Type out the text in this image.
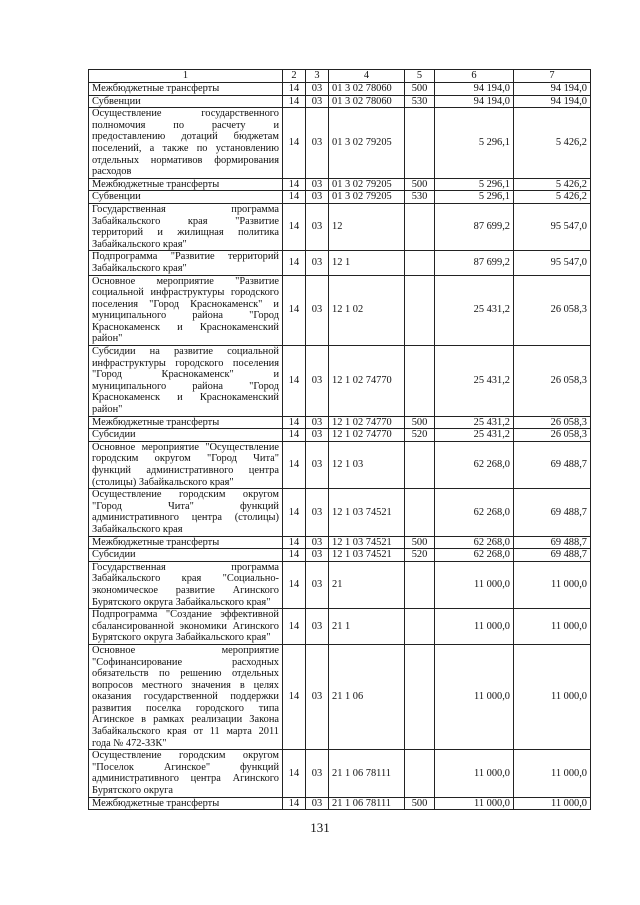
1	2	3	4	5	6	7
Межбюджетные трансферты	14	03	01 3 02 78060	500	94 194,0	94 194,0
Субвенции	14	03	01 3 02 78060	530	94 194,0	94 194,0
Осуществление государственного полномочия по расчету и предоставлению дотаций бюджетам поселений, а также по установлению отдельных нормативов формирования расходов	14	03	01 3 02 79205		5 296,1	5 426,2
Межбюджетные трансферты	14	03	01 3 02 79205	500	5 296,1	5 426,2
Субвенции	14	03	01 3 02 79205	530	5 296,1	5 426,2
Государственная программа Забайкальского края "Развитие территорий и жилищная политика Забайкальского края"	14	03	12		87 699,2	95 547,0
Подпрограмма "Развитие территорий Забайкальского края"	14	03	12 1		87 699,2	95 547,0
Основное мероприятие "Развитие социальной инфраструктуры городского поселения "Город Краснокаменск" и муниципального района "Город Краснокаменск и Краснокаменский район"	14	03	12 1 02		25 431,2	26 058,3
Субсидии на развитие социальной инфраструктуры городского поселения "Город Краснокаменск" и муниципального района "Город Краснокаменск и Краснокаменский район"	14	03	12 1 02 74770		25 431,2	26 058,3
Межбюджетные трансферты	14	03	12 1 02 74770	500	25 431,2	26 058,3
Субсидии	14	03	12 1 02 74770	520	25 431,2	26 058,3
Основное мероприятие "Осуществление городским округом "Город Чита" функций административного центра (столицы) Забайкальского края"	14	03	12 1 03		62 268,0	69 488,7
Осуществление городским округом "Город Чита" функций административного центра (столицы) Забайкальского края	14	03	12 1 03 74521		62 268,0	69 488,7
Межбюджетные трансферты	14	03	12 1 03 74521	500	62 268,0	69 488,7
Субсидии	14	03	12 1 03 74521	520	62 268,0	69 488,7
Государственная программа Забайкальского края "Социально-экономическое развитие Агинского Бурятского округа Забайкальского края"	14	03	21		11 000,0	11 000,0
Подпрограмма "Создание эффективной сбалансированной экономики Агинского Бурятского округа Забайкальского края"	14	03	21 1		11 000,0	11 000,0
Основное мероприятие "Софинансирование расходных обязательств по решению отдельных вопросов местного значения в целях оказания государственной поддержки развития поселка городского типа Агинское в рамках реализации Закона Забайкальского края от 11 марта 2011 года № 472-ЗЗК"	14	03	21 1 06		11 000,0	11 000,0
Осуществление городским округом "Поселок Агинское" функций административного центра Агинского Бурятского округа	14	03	21 1 06 78111		11 000,0	11 000,0
Межбюджетные трансферты	14	03	21 1 06 78111	500	11 000,0	11 000,0
131
